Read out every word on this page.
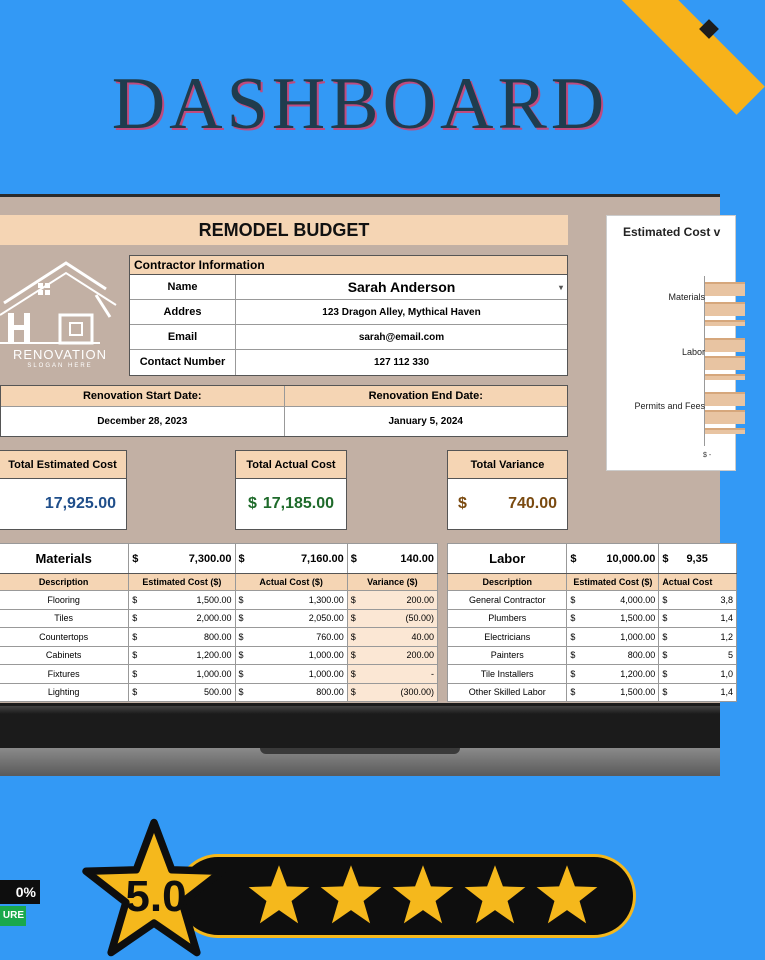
DASHBOARD
REMODEL BUDGET
RENOVATION
SLOGAN HERE
Contractor Information
Name	Sarah Anderson	▾
Addres	123 Dragon Alley, Mythical Haven
Email	sarah@email.com
Contact Number	127 112 330
Renovation Start Date:	Renovation End Date:
December 28, 2023	January 5, 2024
Total Estimated Cost
17,925.00
Total Actual Cost
$ 17,185.00
Total Variance
$	740.00
Estimated Cost v
Materials
Labor
Permits and Fees
$ -
Materials	$ 7,300.00	$ 7,160.00	$ 140.00
Description	Estimated Cost ($)	Actual Cost ($)	Variance ($)
Flooring	$ 1,500.00	$ 1,300.00	$ 200.00
Tiles	$ 2,000.00	$ 2,050.00	$ (50.00)
Countertops	$ 800.00	$ 760.00	$ 40.00
Cabinets	$ 1,200.00	$ 1,000.00	$ 200.00
Fixtures	$ 1,000.00	$ 1,000.00	$ -
Lighting	$ 500.00	$ 800.00	$ (300.00)
Labor	$ 10,000.00	$ 9,35
Description	Estimated Cost ($)	Actual Cost
General Contractor	$ 4,000.00	$ 3,8
Plumbers	$ 1,500.00	$ 1,4
Electricians	$ 1,000.00	$ 1,2
Painters	$ 800.00	$ 5
Tile Installers	$ 1,200.00	$ 1,0
Other Skilled Labor	$ 1,500.00	$ 1,4
0%
URE 5.0
